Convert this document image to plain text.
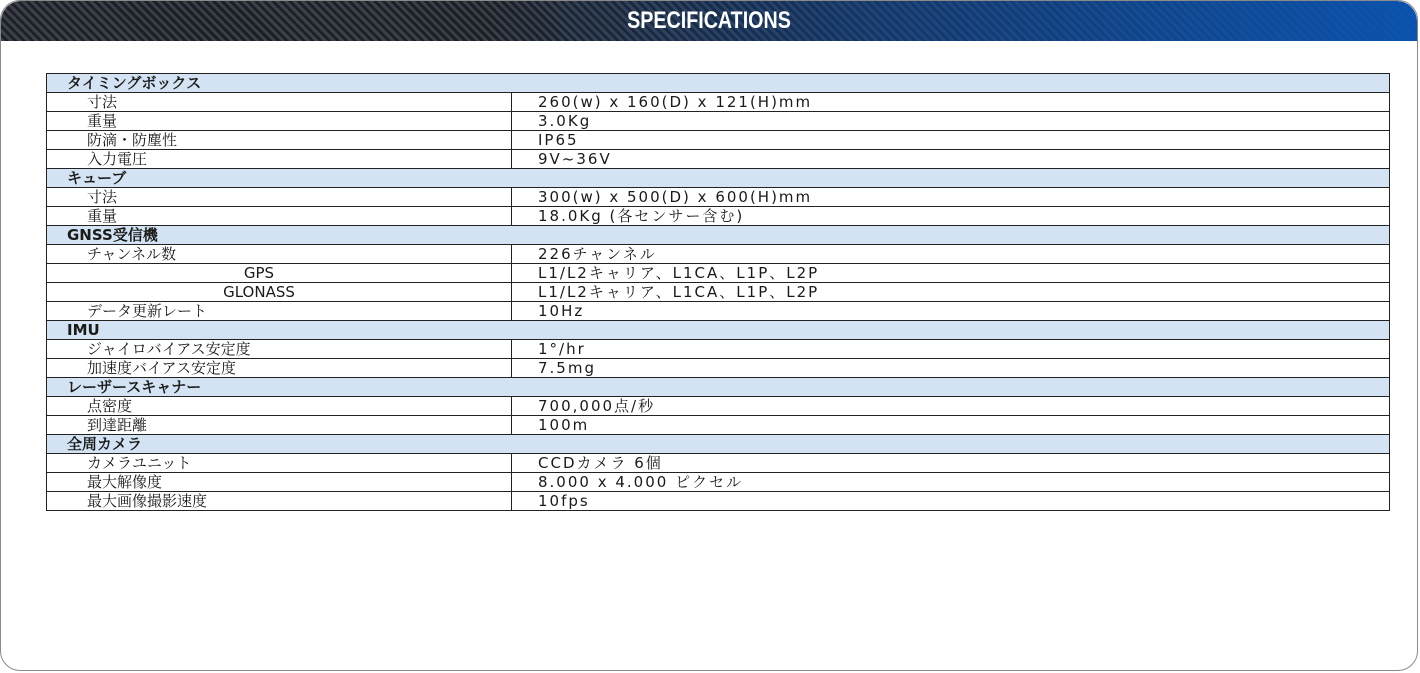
SPECIFICATIONS
タイミングボックス	
寸法	260(w) x 160(D) x 121(H)mm
重量	3.0Kg
防滴・防塵性	IP65
入力電圧	9V~36V
キューブ	
寸法	300(w) x 500(D) x 600(H)mm
重量	18.0Kg (各センサー含む)
GNSS受信機	
チャンネル数	226チャンネル
GPS	L1/L2キャリア、L1CA、L1P、L2P
GLONASS	L1/L2キャリア、L1CA、L1P、L2P
データ更新レート	10Hz
IMU	
ジャイロバイアス安定度	1°/hr
加速度バイアス安定度	7.5mg
レーザースキャナー	
点密度	700,000点/秒
到達距離	100m
全周カメラ	
カメラユニット	CCDカメラ 6個
最大解像度	8.000 x 4.000 ピクセル
最大画像撮影速度	10fps
